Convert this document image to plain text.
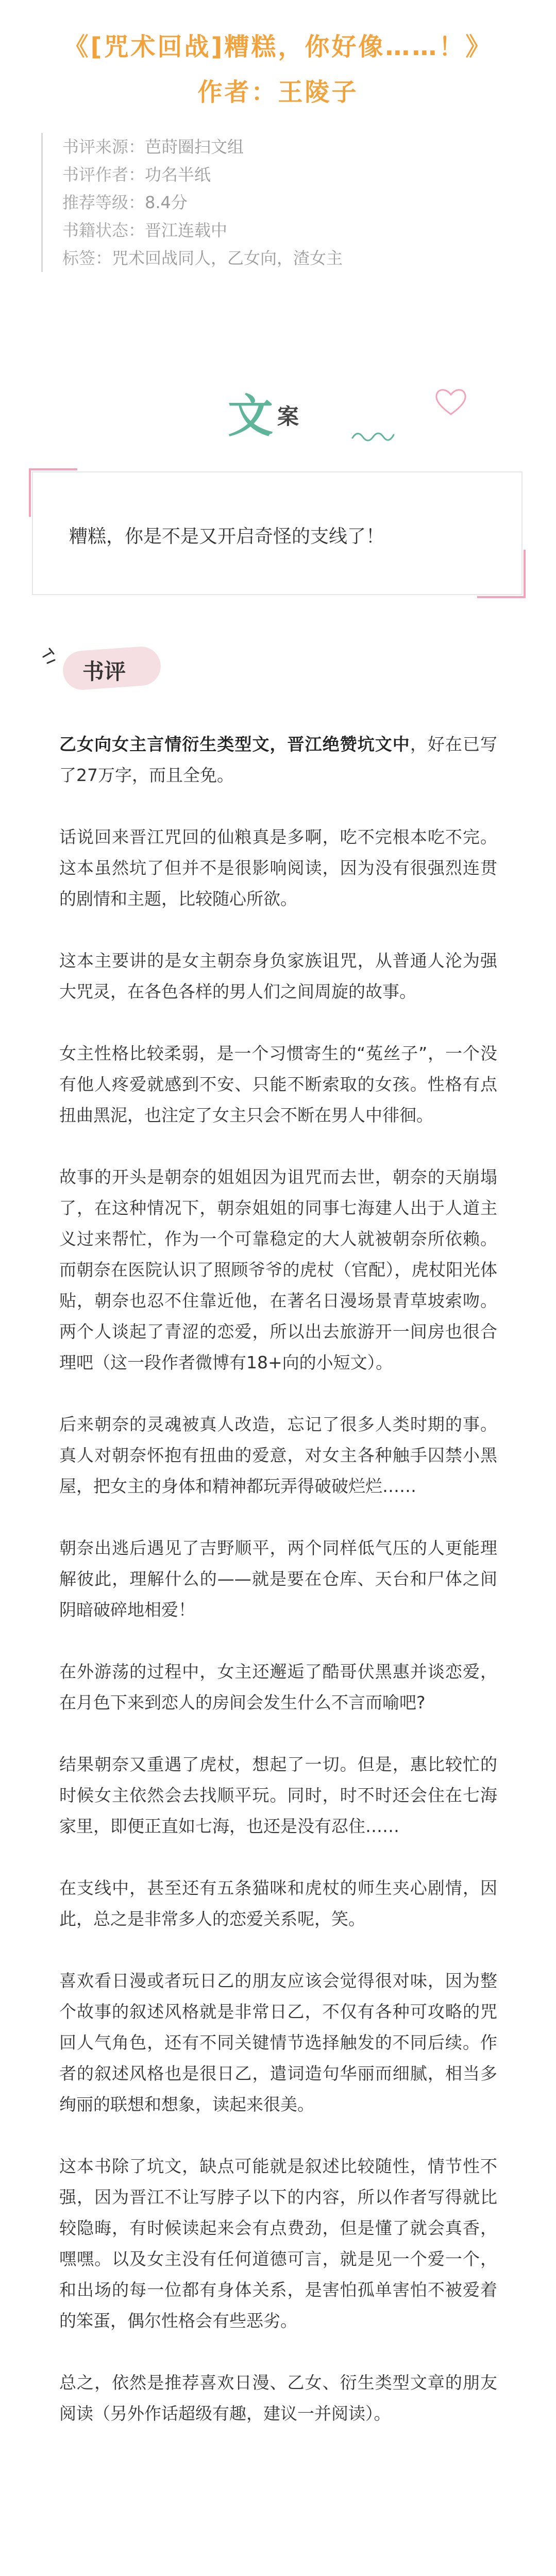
《[咒术回战]糟糕，你好像……！》
作者：王陵子
书评来源： 芭莳圈扫文组
书评作者： 功名半纸
推荐等级： 8.4分
书籍状态： 晋江连载中
标签： 咒术回战同人，乙女向，渣女主
文 案
糟糕，你是不是又开启奇怪的支线了！
书评

乙女向女主言情衍生类型文，晋江绝赞坑文中，好在已写了27万字，而且全免。

话说回来晋江咒回的仙粮真是多啊，吃不完根本吃不完。这本虽然坑了但并不是很影响阅读，因为没有很强烈连贯的剧情和主题，比较随心所欲。

这本主要讲的是女主朝奈身负家族诅咒，从普通人沦为强大咒灵，在各色各样的男人们之间周旋的故事。

女主性格比较柔弱，是一个习惯寄生的“菟丝子”，一个没有他人疼爱就感到不安、只能不断索取的女孩。性格有点扭曲黑泥，也注定了女主只会不断在男人中徘徊。

故事的开头是朝奈的姐姐因为诅咒而去世，朝奈的天崩塌了，在这种情况下，朝奈姐姐的同事七海建人出于人道主义过来帮忙，作为一个可靠稳定的大人就被朝奈所依赖。而朝奈在医院认识了照顾爷爷的虎杖（官配），虎杖阳光体贴，朝奈也忍不住靠近他，在著名日漫场景青草坡索吻。两个人谈起了青涩的恋爱，所以出去旅游开一间房也很合理吧（这一段作者微博有18+向的小短文）。

后来朝奈的灵魂被真人改造，忘记了很多人类时期的事。真人对朝奈怀抱有扭曲的爱意，对女主各种触手囚禁小黑屋，把女主的身体和精神都玩弄得破破烂烂……

朝奈出逃后遇见了吉野顺平，两个同样低气压的人更能理解彼此，理解什么的——就是要在仓库、天台和尸体之间阴暗破碎地相爱！

在外游荡的过程中，女主还邂逅了酷哥伏黑惠并谈恋爱，在月色下来到恋人的房间会发生什么不言而喻吧?

结果朝奈又重遇了虎杖，想起了一切。但是，惠比较忙的时候女主依然会去找顺平玩。同时，时不时还会住在七海家里，即便正直如七海，也还是没有忍住……

在支线中，甚至还有五条猫咪和虎杖的师生夹心剧情，因此，总之是非常多人的恋爱关系呢，笑。

喜欢看日漫或者玩日乙的朋友应该会觉得很对味，因为整个故事的叙述风格就是非常日乙，不仅有各种可攻略的咒回人气角色，还有不同关键情节选择触发的不同后续。作者的叙述风格也是很日乙，遣词造句华丽而细腻，相当多绚丽的联想和想象，读起来很美。

这本书除了坑文，缺点可能就是叙述比较随性，情节性不强，因为晋江不让写脖子以下的内容，所以作者写得就比较隐晦，有时候读起来会有点费劲，但是懂了就会真香，嘿嘿。以及女主没有任何道德可言，就是见一个爱一个，和出场的每一位都有身体关系，是害怕孤单害怕不被爱着的笨蛋，偶尔性格会有些恶劣。

总之，依然是推荐喜欢日漫、乙女、衍生类型文章的朋友阅读（另外作话超级有趣，建议一并阅读）。
